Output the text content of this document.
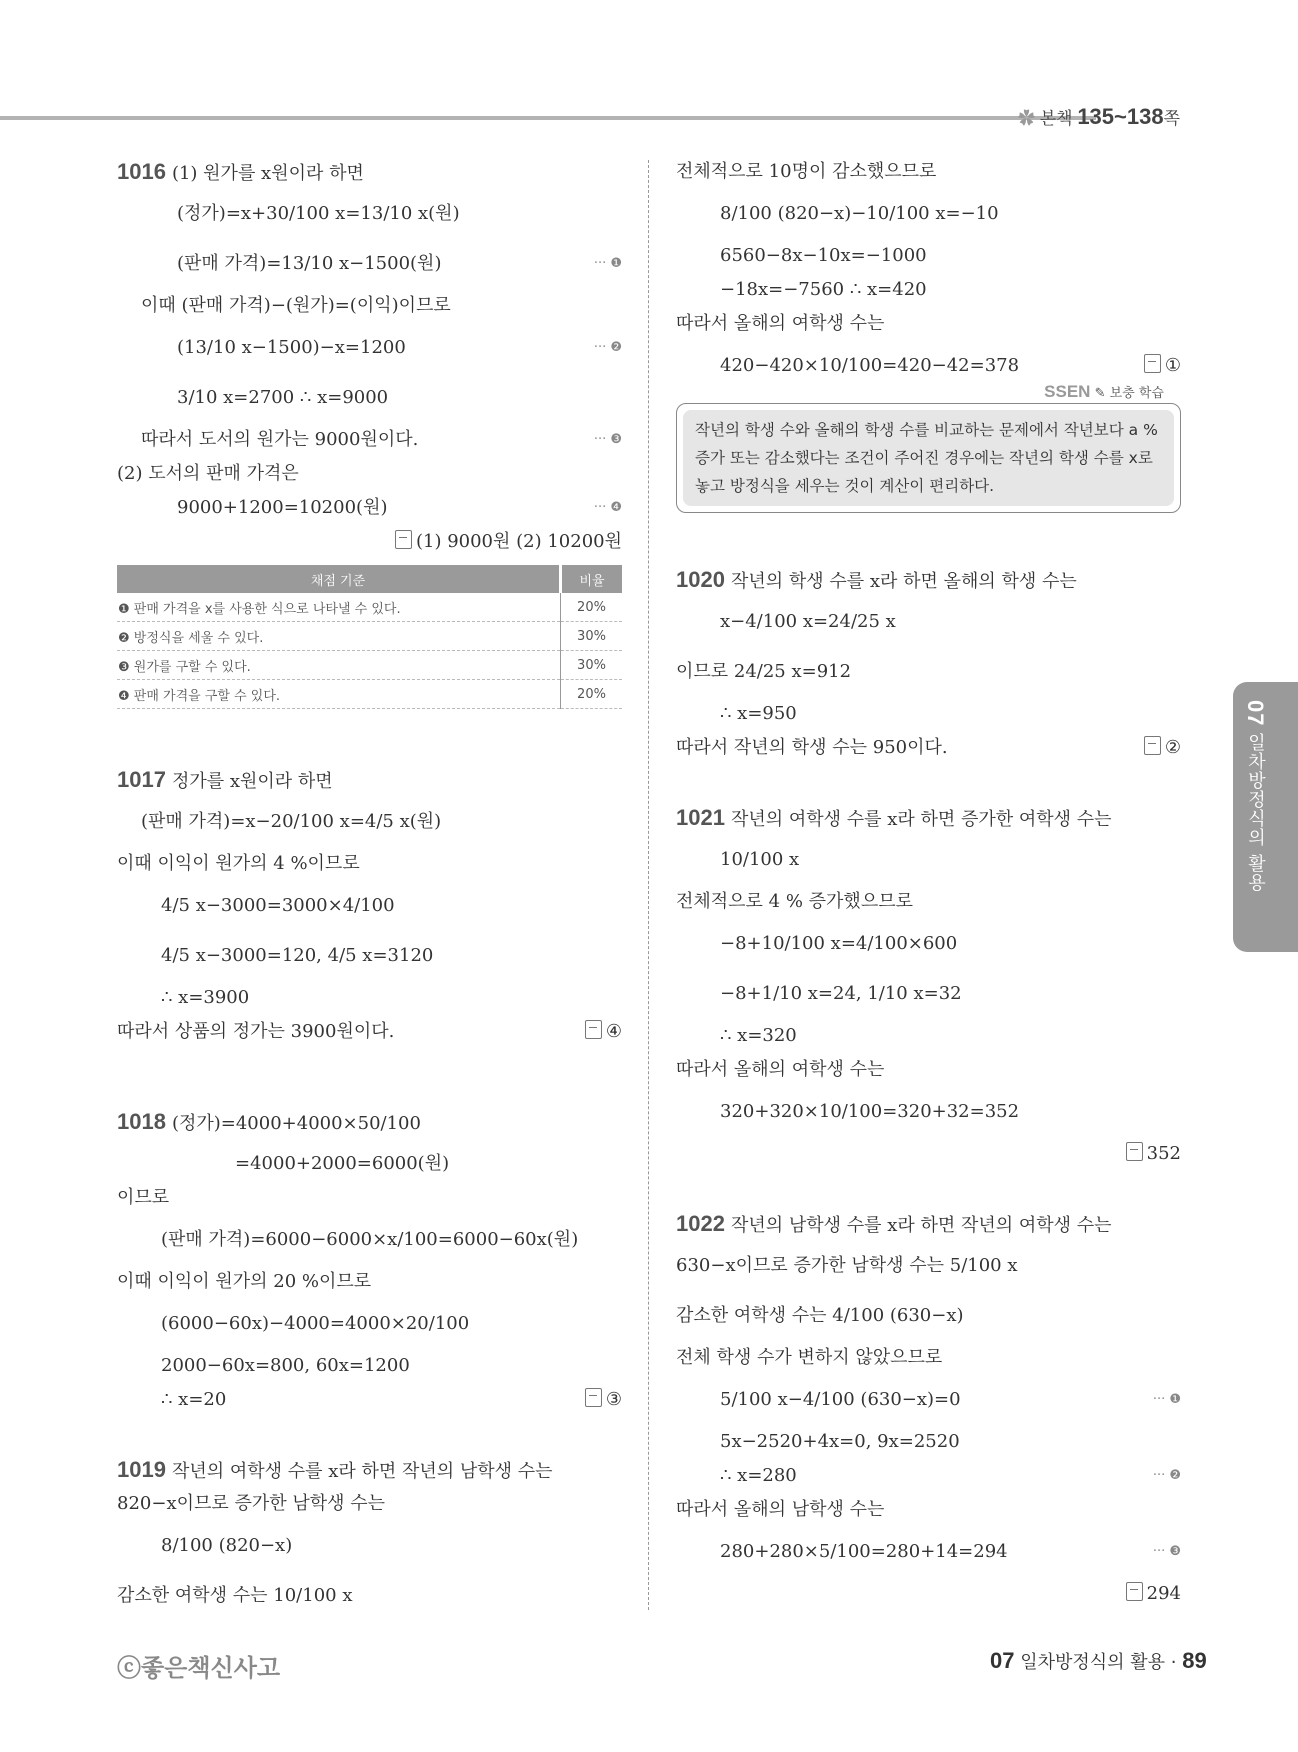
✿ 본책 135~138쪽
1016 (1) 원가를 x원이라 하면
(정가)=x+30/100 x=13/10 x(원)
(판매 가격)=13/10 x−1500(원)	··· ❶
이때 (판매 가격)−(원가)=(이익)이므로
(13/10 x−1500)−x=1200	··· ❷
3/10 x=2700 ∴ x=9000
따라서 도서의 원가는 9000원이다.	··· ❸
(2) 도서의 판매 가격은
9000+1200=10200(원)	··· ❹
(1) 9000원 (2) 10200원
채점 기준	비율
❶ 판매 가격을 x를 사용한 식으로 나타낼 수 있다.	20%
❷ 방정식을 세울 수 있다.	30%
❸ 원가를 구할 수 있다.	30%
❹ 판매 가격을 구할 수 있다.	20%
1017 정가를 x원이라 하면
(판매 가격)=x−20/100 x=4/5 x(원)
이때 이익이 원가의 4 %이므로
4/5 x−3000=3000×4/100
4/5 x−3000=120, 4/5 x=3120
∴ x=3900
따라서 상품의 정가는 3900원이다.	④
1018 (정가)=4000+4000×50/100
=4000+2000=6000(원)
이므로
(판매 가격)=6000−6000×x/100=6000−60x(원)
이때 이익이 원가의 20 %이므로
(6000−60x)−4000=4000×20/100
2000−60x=800, 60x=1200
∴ x=20	③
1019 작년의 여학생 수를 x라 하면 작년의 남학생 수는
820−x이므로 증가한 남학생 수는
8/100 (820−x)
감소한 여학생 수는 10/100 x
전체적으로 10명이 감소했으므로
8/100 (820−x)−10/100 x=−10
6560−8x−10x=−1000
−18x=−7560 ∴ x=420
따라서 올해의 여학생 수는
420−420×10/100=420−42=378	①
SSEN ✎ 보충 학습
작년의 학생 수와 올해의 학생 수를 비교하는 문제에서 작년보다 a % 증가 또는 감소했다는 조건이 주어진 경우에는 작년의 학생 수를 x로 놓고 방정식을 세우는 것이 계산이 편리하다.
1020 작년의 학생 수를 x라 하면 올해의 학생 수는
x−4/100 x=24/25 x
이므로 24/25 x=912
∴ x=950
따라서 작년의 학생 수는 950이다.	②
1021 작년의 여학생 수를 x라 하면 증가한 여학생 수는
10/100 x
전체적으로 4 % 증가했으므로
−8+10/100 x=4/100×600
−8+1/10 x=24, 1/10 x=32
∴ x=320
따라서 올해의 여학생 수는
320+320×10/100=320+32=352
352
1022 작년의 남학생 수를 x라 하면 작년의 여학생 수는
630−x이므로 증가한 남학생 수는 5/100 x
감소한 여학생 수는 4/100 (630−x)
전체 학생 수가 변하지 않았으므로
5/100 x−4/100 (630−x)=0	··· ❶
5x−2520+4x=0, 9x=2520
∴ x=280	··· ❷
따라서 올해의 남학생 수는
280+280×5/100=280+14=294	··· ❸
294
07 일차방정식의 활용
ⓒ좋은책신사고	07 일차방정식의 활용 · 89
